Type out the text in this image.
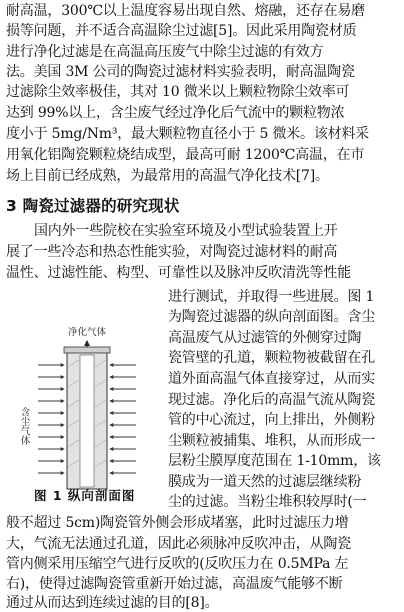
耐高温，300℃以上温度容易出现自然、熔融，还存在易磨
损等问题，并不适合高温除尘过滤[5]。因此采用陶瓷材质
进行净化过滤是在高温高压废气中除尘过滤的有效方
法。美国 3M 公司的陶瓷过滤材料实验表明，耐高温陶瓷
过滤除尘效率极佳，其对 10 微米以上颗粒物除尘效率可
达到 99%以上，含尘废气经过净化后气流中的颗粒物浓
度小于 5mg/Nm³，最大颗粒物直径小于 5 微米。该材料采
用氧化铝陶瓷颗粒烧结成型，最高可耐 1200℃高温，在市
场上目前已经成熟，为最常用的高温气净化技术[7]。
3 陶瓷过滤器的研究现状
国内外一些院校在实验室环境及小型试验装置上开
展了一些冷态和热态性能实验，对陶瓷过滤材料的耐高
温性、过滤性能、构型、可靠性以及脉冲反吹清洗等性能
进行测试，并取得一些进展。图 1
为陶瓷过滤器的纵向剖面图。含尘
高温废气从过滤管的外侧穿过陶
瓷管壁的孔道，颗粒物被截留在孔
道外面高温气体直接穿过，从而实
现过滤。净化后的高温气流从陶瓷
管的中心流过，向上排出，外侧粉
尘颗粒被捕集、堆积，从而形成一
层粉尘膜厚度范围在 1-10mm，该
膜成为一道天然的过滤层继续粉
尘的过滤。当粉尘堆积较厚时(一
般不超过 5cm)陶瓷管外侧会形成堵塞，此时过滤压力增
大，气流无法通过孔道，因此必须脉冲反吹冲击，从陶瓷
管内侧采用压缩空气进行反吹的(反吹压力在 0.5MPa 左
右)，使得过滤陶瓷管重新开始过滤，高温废气能够不断
通过从而达到连续过滤的目的[8]。
净化气体
含尘气体
图 1 纵向剖面图
